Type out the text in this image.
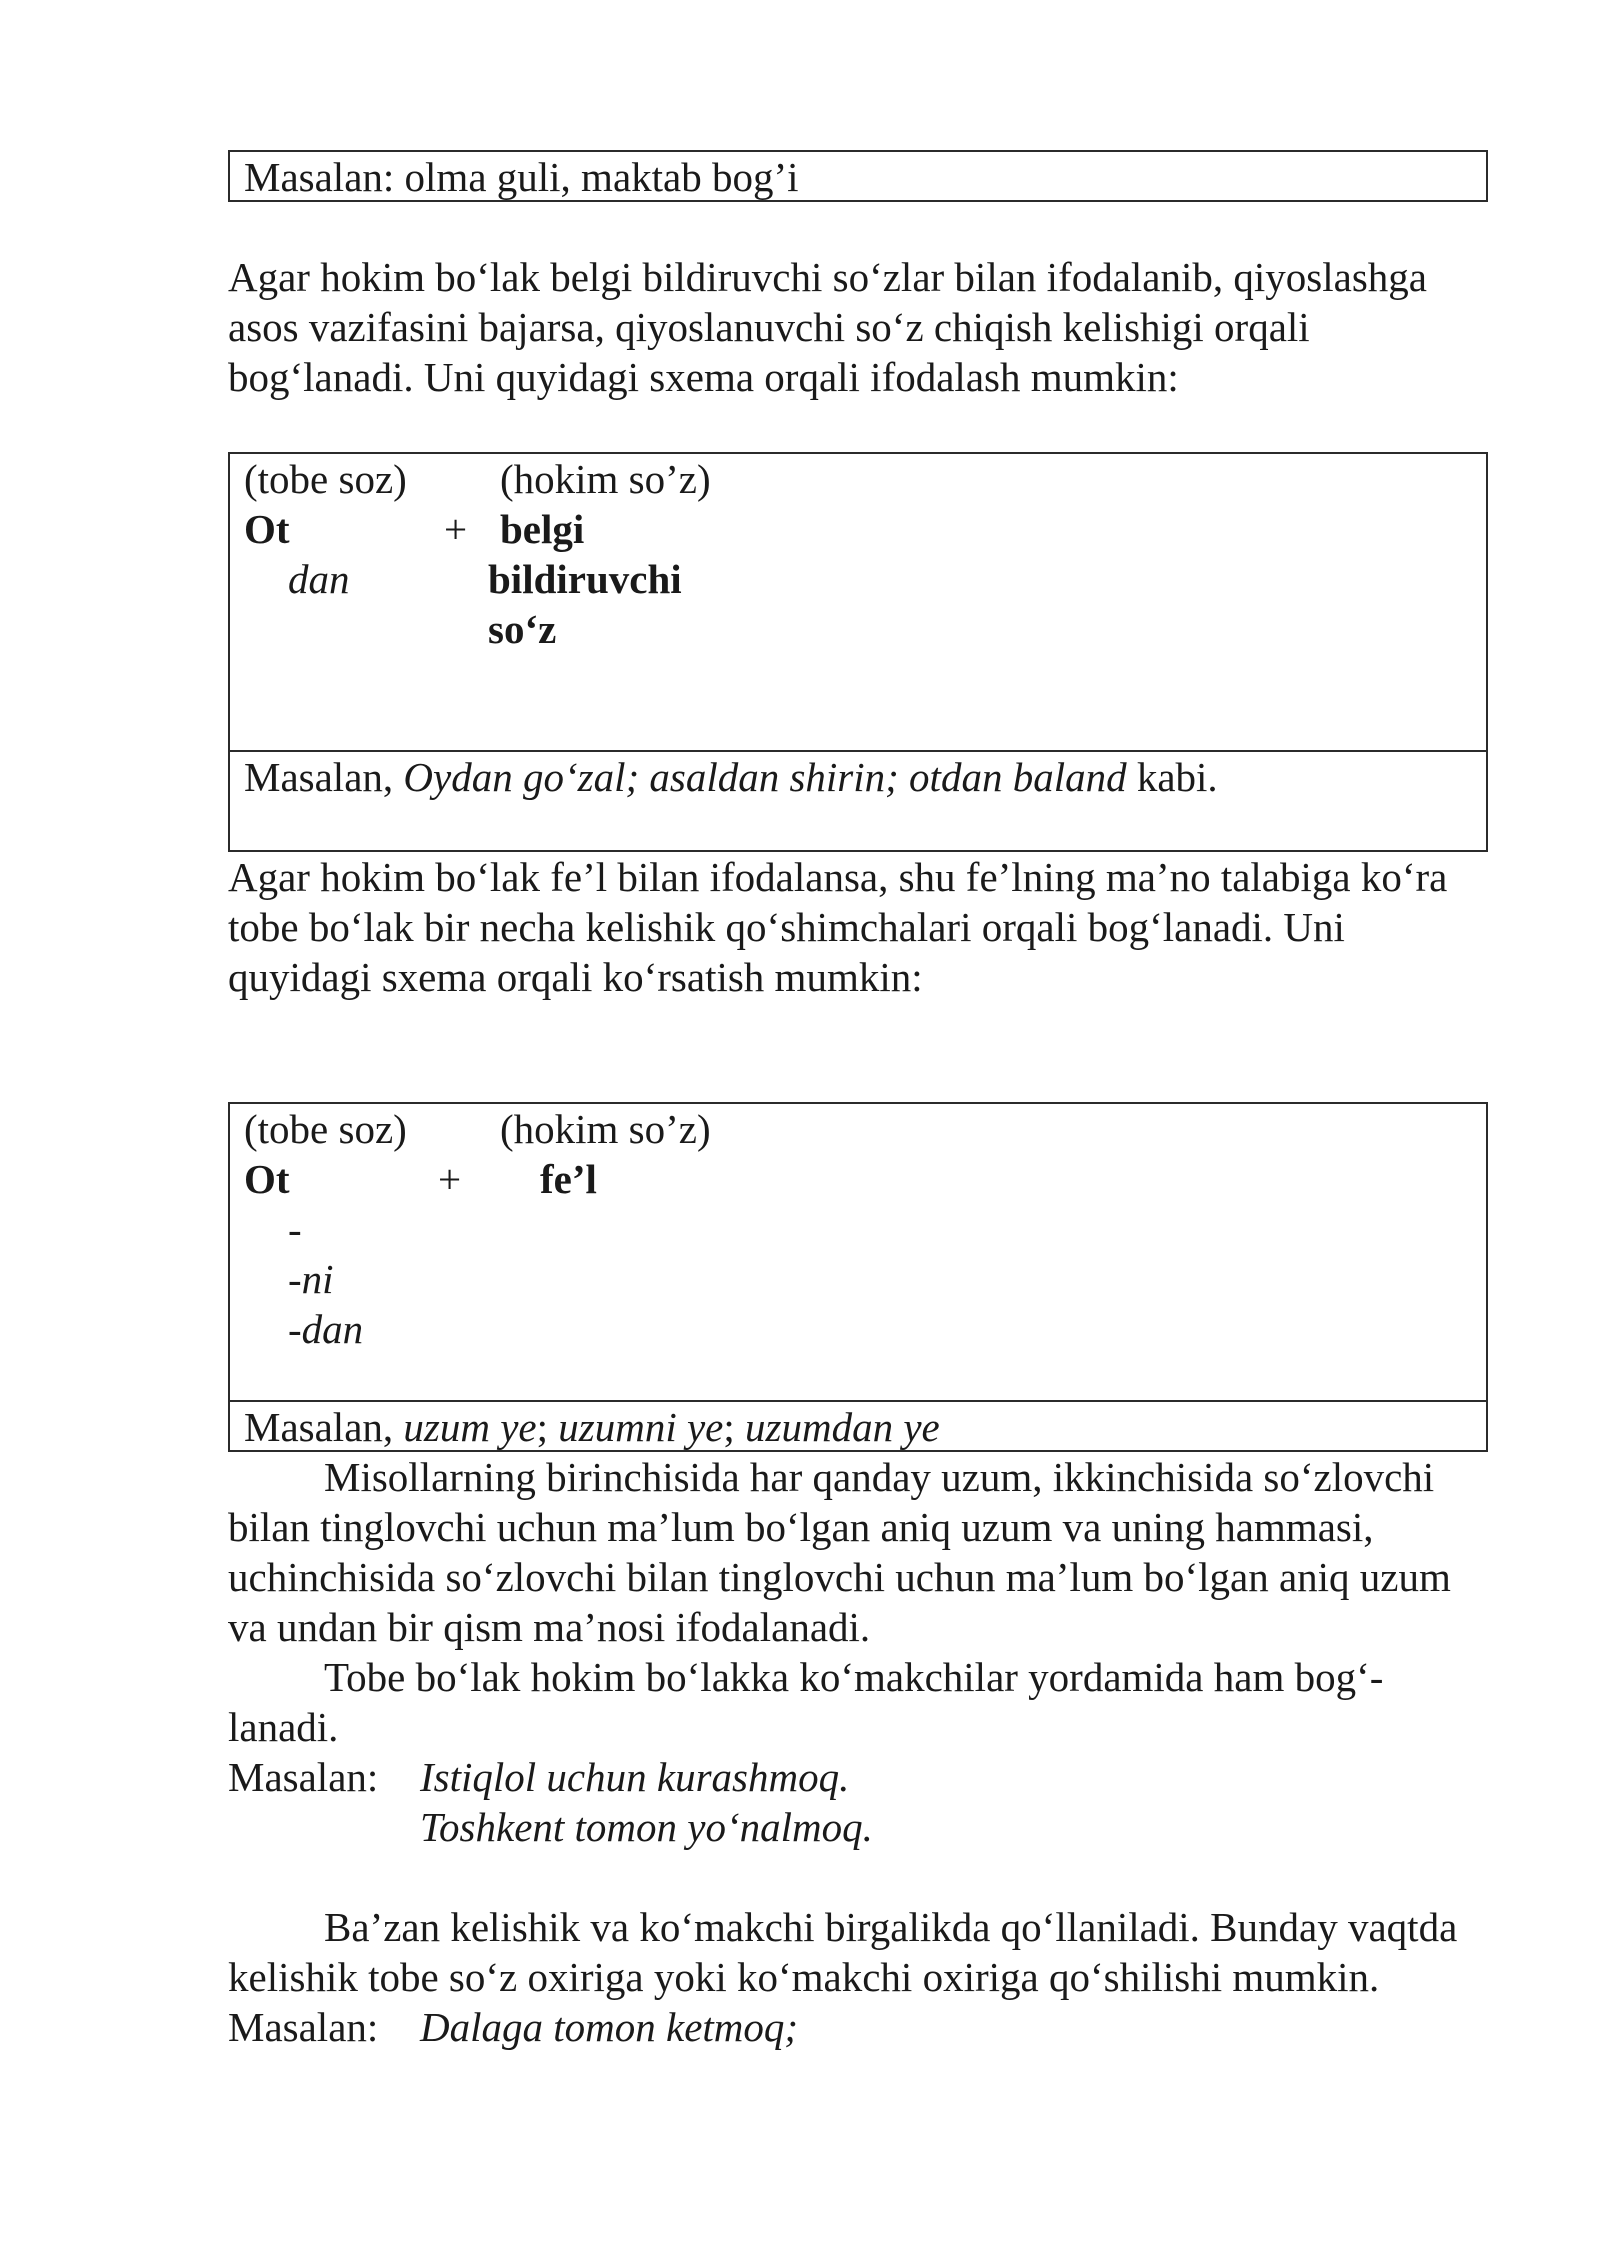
Masalan: olma guli, maktab bog’i

Agar hokim bo‘lak belgi bildiruvchi so‘zlar bilan ifodalanib, qiyoslashga asos vazifasini bajarsa, qiyoslanuvchi so‘z chiqish kelishigi orqali bog‘lanadi. Uni quyidagi sxema orqali ifodalash mumkin:

(tobe soz) (hokim so’z)
Ot	+ belgi
dan	bildiruvchi
so‘z
Masalan, Oydan go‘zal; asaldan shirin; otdan baland kabi.

Agar hokim bo‘lak fe’l bilan ifodalansa, shu fe’lning ma’no talabiga ko‘ra tobe bo‘lak bir necha kelishik qo‘shimchalari orqali bog‘lanadi. Uni quyidagi sxema orqali ko‘rsatish mumkin:

(tobe soz) (hokim so’z)
Ot	+ fe’l
-
-ni
-dan
Masalan, uzum ye; uzumni ye; uzumdan ye

Misollarning birinchisida har qanday uzum, ikkinchisida so‘zlovchi bilan tinglovchi uchun ma’lum bo‘lgan aniq uzum va uning hammasi, uchinchisida so‘zlovchi bilan tinglovchi uchun ma’lum bo‘lgan aniq uzum va undan bir qism ma’nosi ifodalanadi.

Tobe bo‘lak hokim bo‘lakka ko‘makchilar yordamida ham bog‘-lanadi.

Masalan:	Istiqlol uchun kurashmoq.
Toshkent tomon yo‘nalmoq.

Ba’zan kelishik va ko‘makchi birgalikda qo‘llaniladi. Bunday vaqtda kelishik tobe so‘z oxiriga yoki ko‘makchi oxiriga qo‘shilishi mumkin.

Masalan:	Dalaga tomon ketmoq;
